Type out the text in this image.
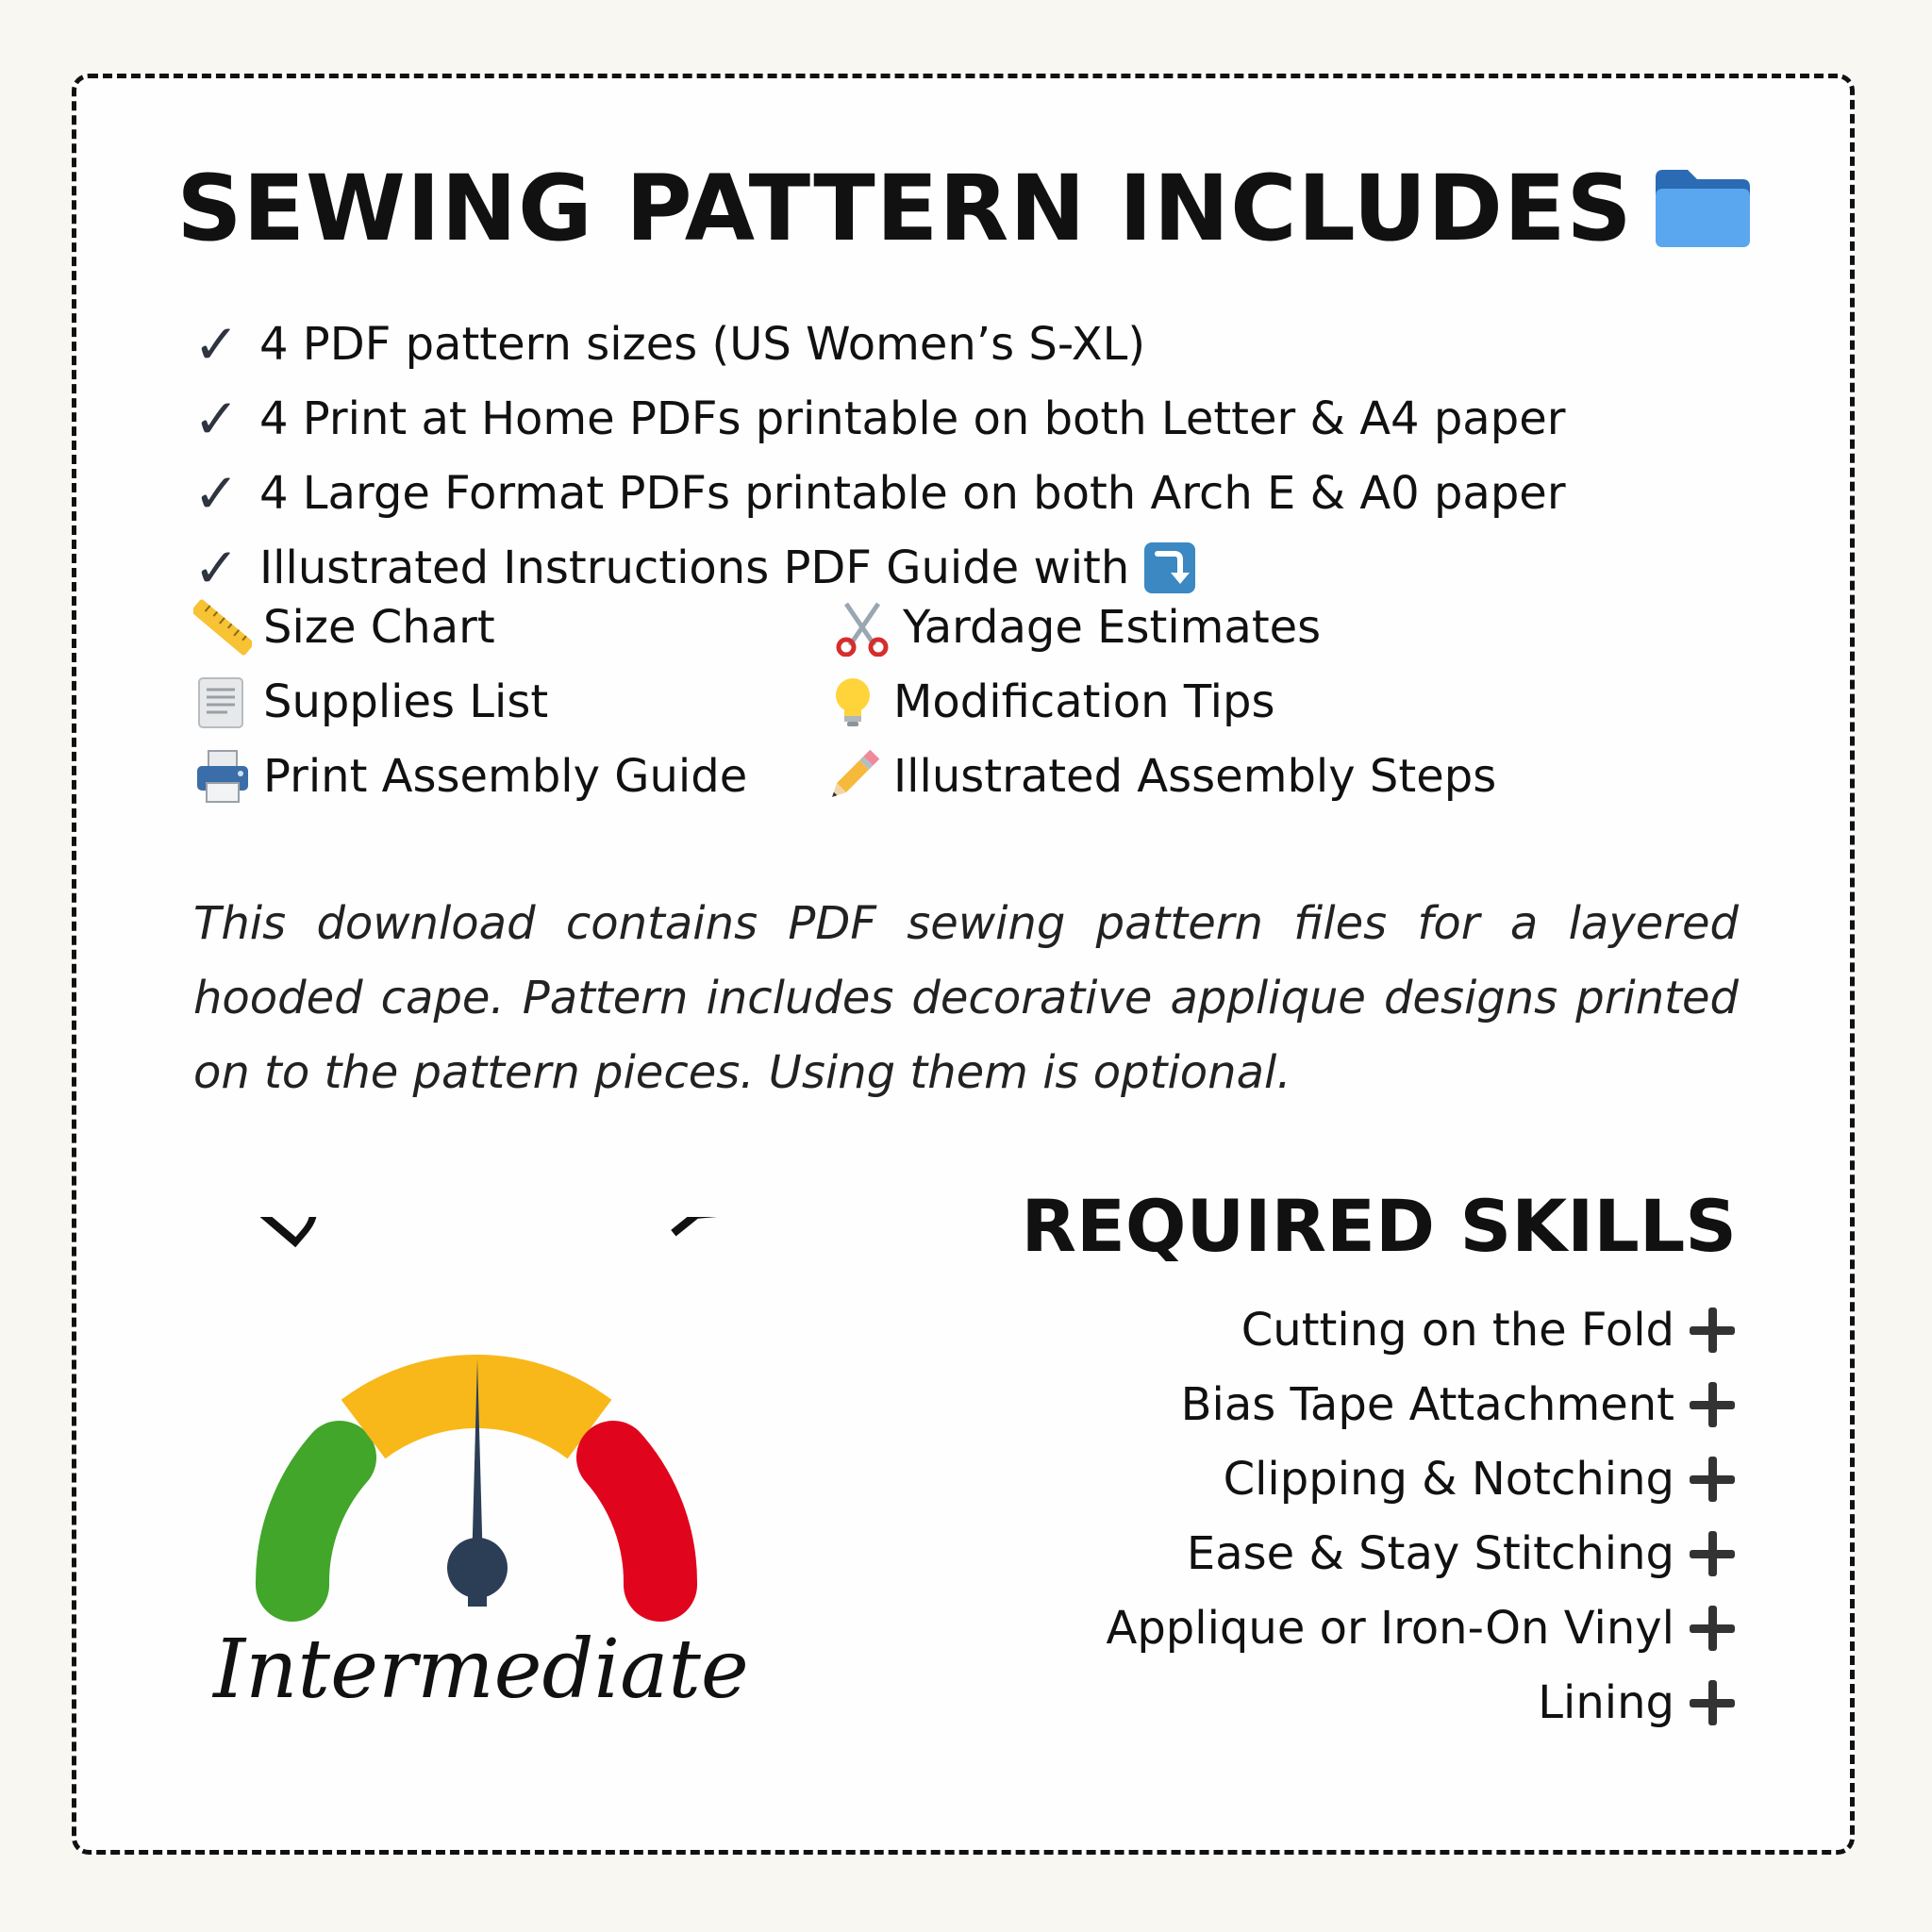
SEWING PATTERN INCLUDES
✓ 4 PDF pattern sizes (US Women’s S-XL)
✓ 4 Print at Home PDFs printable on both Letter & A4 paper
✓ 4 Large Format PDFs printable on both Arch E & A0 paper
✓ Illustrated Instructions PDF Guide with
Size Chart	Yardage Estimates
Supplies List	Modification Tips
Print Assembly Guide	Illustrated Assembly Steps
This download contains PDF sewing pattern files for a layered hooded cape. Pattern includes decorative applique designs printed on to the pattern pieces. Using them is optional.
Intermediate
REQUIRED SKILLS
Cutting on the Fold
Bias Tape Attachment
Clipping & Notching
Ease & Stay Stitching
Applique or Iron-On Vinyl
Lining
